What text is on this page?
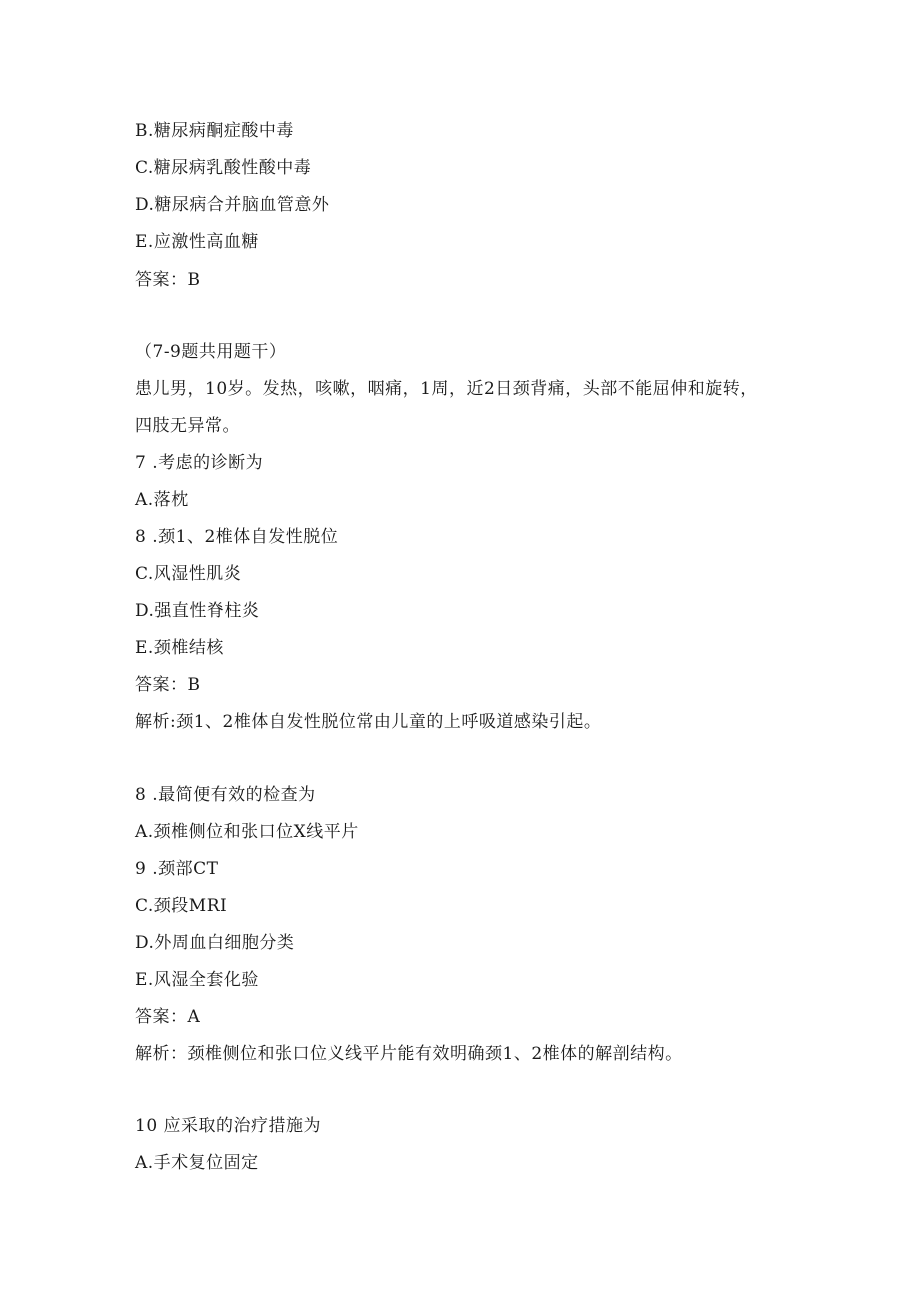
B.糖尿病酮症酸中毒
C.糖尿病乳酸性酸中毒
D.糖尿病合并脑血管意外
E.应激性高血糖
答案：B
（7-9题共用题干）
患儿男，10岁。发热，咳嗽，咽痛，1周，近2日颈背痛，头部不能屈伸和旋转，
四肢无异常。
7 .考虑的诊断为
A.落枕
8 .颈1、2椎体自发性脱位
C.风湿性肌炎
D.强直性脊柱炎
E.颈椎结核
答案：B
解析:颈1、2椎体自发性脱位常由儿童的上呼吸道感染引起。
8 .最简便有效的检查为
A.颈椎侧位和张口位X线平片
9 .颈部CT
C.颈段MRI
D.外周血白细胞分类
E.风湿全套化验
答案：A
解析：颈椎侧位和张口位义线平片能有效明确颈1、2椎体的解剖结构。
10 应采取的治疗措施为
A.手术复位固定
